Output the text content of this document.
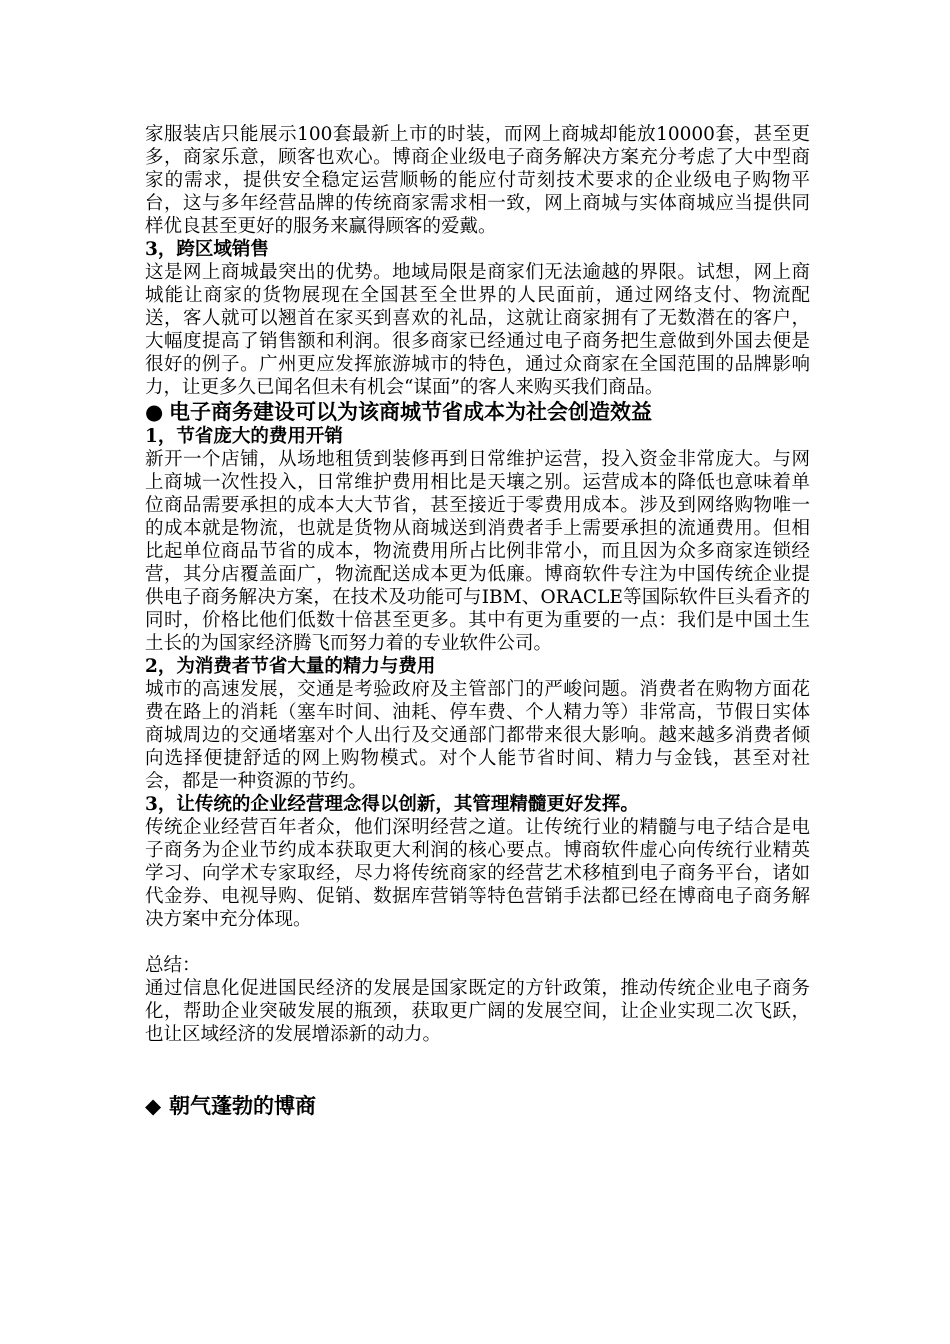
家服装店只能展示100套最新上市的时装，而网上商城却能放10000套，甚至更多，商家乐意，顾客也欢心。博商企业级电子商务解决方案充分考虑了大中型商家的需求，提供安全稳定运营顺畅的能应付苛刻技术要求的企业级电子购物平台，这与多年经营品牌的传统商家需求相一致，网上商城与实体商城应当提供同样优良甚至更好的服务来赢得顾客的爱戴。

3，跨区域销售

这是网上商城最突出的优势。地域局限是商家们无法逾越的界限。试想，网上商城能让商家的货物展现在全国甚至全世界的人民面前，通过网络支付、物流配送，客人就可以翘首在家买到喜欢的礼品，这就让商家拥有了无数潜在的客户，大幅度提高了销售额和利润。很多商家已经通过电子商务把生意做到外国去便是很好的例子。广州更应发挥旅游城市的特色，通过众商家在全国范围的品牌影响力，让更多久已闻名但未有机会“谋面”的客人来购买我们商品。

● 电子商务建设可以为该商城节省成本为社会创造效益

1，节省庞大的费用开销

新开一个店铺，从场地租赁到装修再到日常维护运营，投入资金非常庞大。与网上商城一次性投入，日常维护费用相比是天壤之别。运营成本的降低也意味着单位商品需要承担的成本大大节省，甚至接近于零费用成本。涉及到网络购物唯一的成本就是物流，也就是货物从商城送到消费者手上需要承担的流通费用。但相比起单位商品节省的成本，物流费用所占比例非常小，而且因为众多商家连锁经营，其分店覆盖面广，物流配送成本更为低廉。博商软件专注为中国传统企业提供电子商务解决方案，在技术及功能可与IBM、ORACLE等国际软件巨头看齐的同时，价格比他们低数十倍甚至更多。其中有更为重要的一点：我们是中国土生土长的为国家经济腾飞而努力着的专业软件公司。

2，为消费者节省大量的精力与费用

城市的高速发展，交通是考验政府及主管部门的严峻问题。消费者在购物方面花费在路上的消耗（塞车时间、油耗、停车费、个人精力等）非常高，节假日实体商城周边的交通堵塞对个人出行及交通部门都带来很大影响。越来越多消费者倾向选择便捷舒适的网上购物模式。对个人能节省时间、精力与金钱，甚至对社会，都是一种资源的节约。

3，让传统的企业经营理念得以创新，其管理精髓更好发挥。

传统企业经营百年者众，他们深明经营之道。让传统行业的精髓与电子结合是电子商务为企业节约成本获取更大利润的核心要点。博商软件虚心向传统行业精英学习、向学术专家取经，尽力将传统商家的经营艺术移植到电子商务平台，诸如代金券、电视导购、促销、数据库营销等特色营销手法都已经在博商电子商务解决方案中充分体现。

总结：

通过信息化促进国民经济的发展是国家既定的方针政策，推动传统企业电子商务化，帮助企业突破发展的瓶颈，获取更广阔的发展空间，让企业实现二次飞跃，也让区域经济的发展增添新的动力。

◆ 朝气蓬勃的博商
